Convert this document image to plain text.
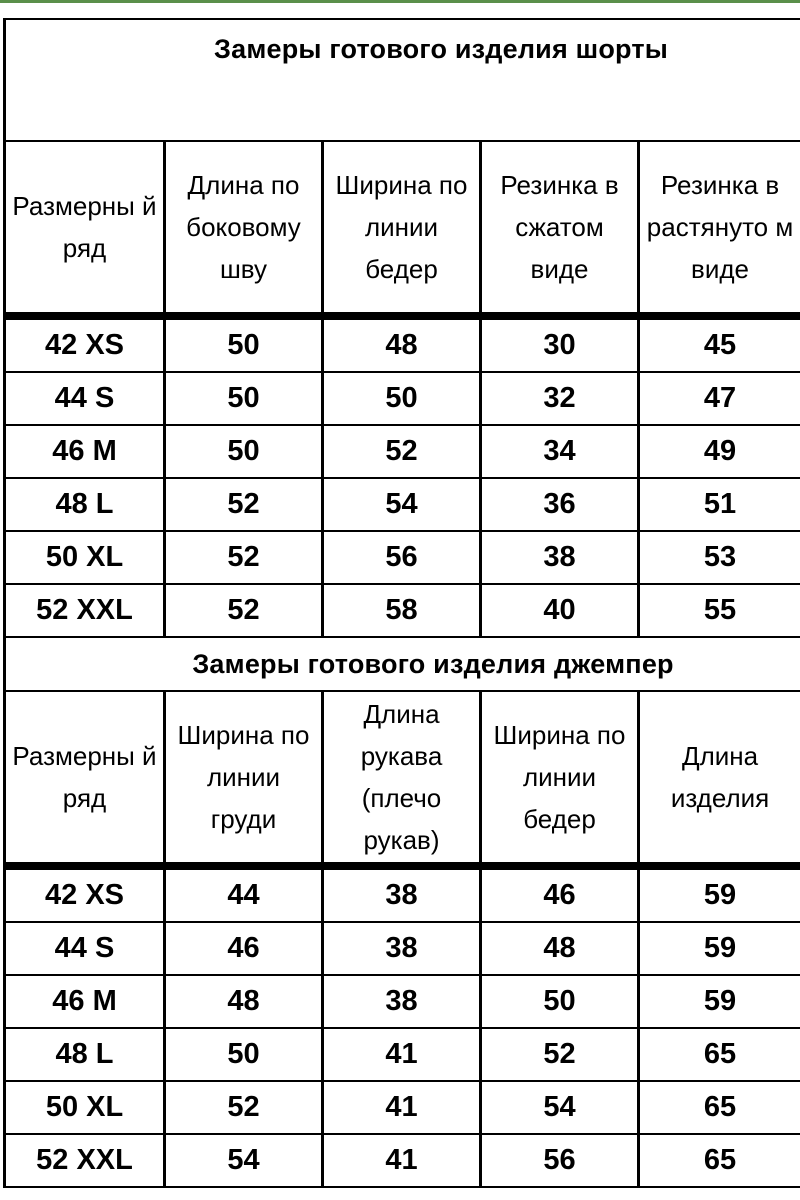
Замеры готового изделия шорты				

Размерны й ряд	Длина по боковому шву	Ширина по линии бедер	Резинка в сжатом виде	Резинка в растянуто м виде

42 XS	50	48	30	45
44 S	50	50	32	47
46 M	50	52	34	49
48 L	52	54	36	51
50 XL	52	56	38	53
52 XXL	52	58	40	55
Замеры готового изделия джемпер				

Размерны й ряд	Ширина по линии груди	Длина рукава (плечо рукав)	Ширина по линии бедер	Длина изделия

42 XS	44	38	46	59
44 S	46	38	48	59
46 M	48	38	50	59
48 L	50	41	52	65
50 XL	52	41	54	65
52 XXL	54	41	56	65
